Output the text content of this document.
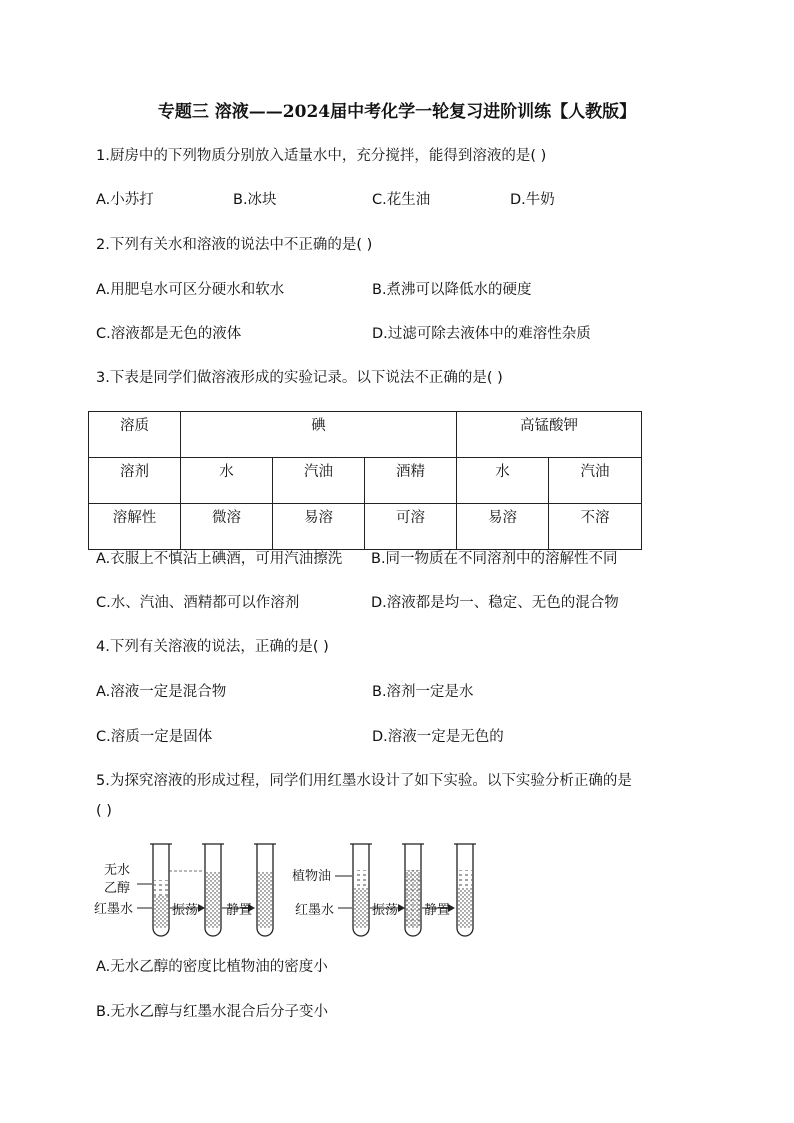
专题三 溶液——2024届中考化学一轮复习进阶训练【人教版】
1.厨房中的下列物质分别放入适量水中，充分搅拌，能得到溶液的是( )
A.小苏打	B.冰块	C.花生油	D.牛奶
2.下列有关水和溶液的说法中不正确的是( )
A.用肥皂水可区分硬水和软水	B.煮沸可以降低水的硬度
C.溶液都是无色的液体	D.过滤可除去液体中的难溶性杂质
3.下表是同学们做溶液形成的实验记录。以下说法不正确的是( )
溶质	碘			高锰酸钾	
溶剂	水	汽油	酒精	水	汽油
溶解性	微溶	易溶	可溶	易溶	不溶
A.衣服上不慎沾上碘酒，可用汽油擦洗 B.同一物质在不同溶剂中的溶解性不同
C.水、汽油、酒精都可以作溶剂	D.溶液都是均一、稳定、无色的混合物
4.下列有关溶液的说法，正确的是( )
A.溶液一定是混合物	B.溶剂一定是水
C.溶质一定是固体	D.溶液一定是无色的
5.为探究溶液的形成过程，同学们用红墨水设计了如下实验。以下实验分析正确的是
( )
无水
乙醇
红墨水	振荡 静置
植物油
红墨水	振荡 静置
A.无水乙醇的密度比植物油的密度小
B.无水乙醇与红墨水混合后分子变小
